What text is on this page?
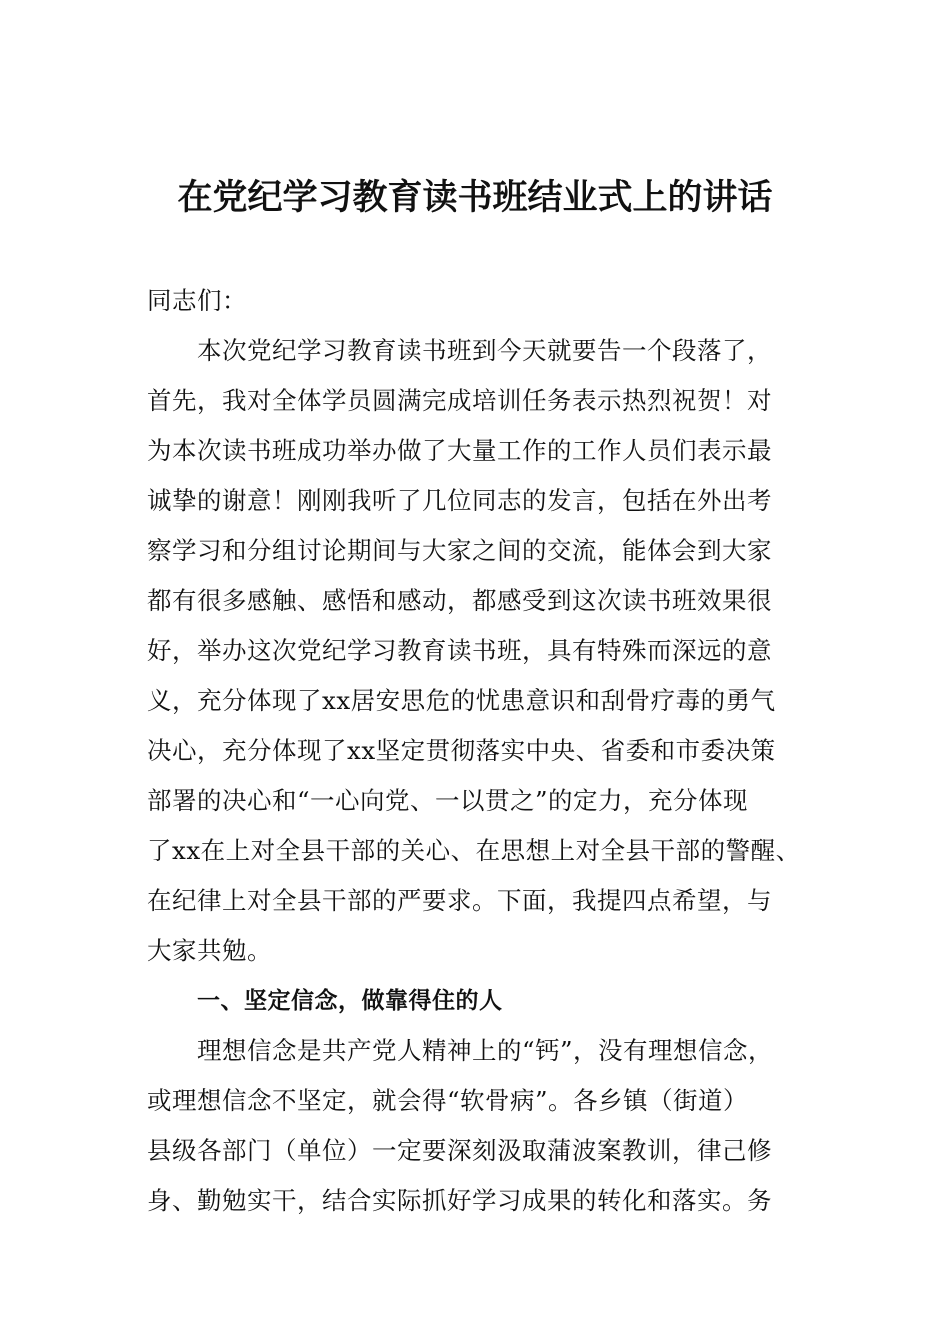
在党纪学习教育读书班结业式上的讲话
同志们：
本次党纪学习教育读书班到今天就要告一个段落了，
首先，我对全体学员圆满完成培训任务表示热烈祝贺！对
为本次读书班成功举办做了大量工作的工作人员们表示最
诚挚的谢意！刚刚我听了几位同志的发言，包括在外出考
察学习和分组讨论期间与大家之间的交流，能体会到大家
都有很多感触、感悟和感动，都感受到这次读书班效果很
好，举办这次党纪学习教育读书班，具有特殊而深远的意
义，充分体现了xx居安思危的忧患意识和刮骨疗毒的勇气
决心，充分体现了xx坚定贯彻落实中央、省委和市委决策
部署的决心和“一心向党、一以贯之”的定力，充分体现
了xx在上对全县干部的关心、在思想上对全县干部的警醒、
在纪律上对全县干部的严要求。下面，我提四点希望，与
大家共勉。
一、坚定信念，做靠得住的人
理想信念是共产党人精神上的“钙”，没有理想信念，
或理想信念不坚定，就会得“软骨病”。各乡镇（街道）
县级各部门（单位）一定要深刻汲取蒲波案教训，律己修
身、勤勉实干，结合实际抓好学习成果的转化和落实。务
